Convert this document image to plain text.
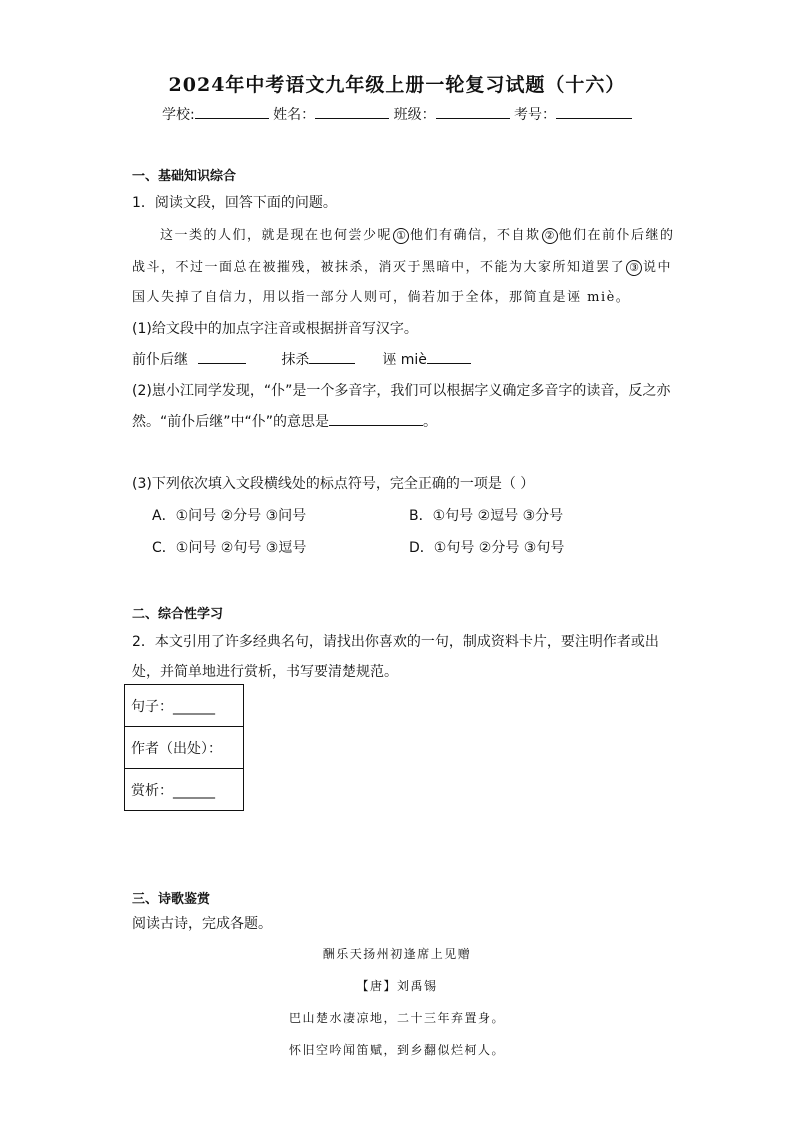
2024年中考语文九年级上册一轮复习试题（十六）
学校:	姓名：	班级：	考号：
一、基础知识综合
1．阅读文段，回答下面的问题。
这一类的人们，就是现在也何尝少呢 ① 他们有确信，不自欺 ② 他们在前仆后继的
战斗，不过一面总在被摧残，被抹杀，消灭于黑暗中，不能为大家所知道罢了 ③ 说中
国人失掉了自信力，用以指一部分人则可，倘若加于全体，那简直是诬 miè。
(1)给文段中的加点字注音或根据拼音写汉字。
前仆后继	抹杀	诬 miè
(2)崽小江同学发现，“仆”是一个多音字，我们可以根据字义确定多音字的读音，反之亦
然。“前仆后继”中“仆”的意思是	。
(3)下列依次填入文段横线处的标点符号，完全正确的一项是（ ）
A．①问号 ②分号 ③问号	B．①句号 ②逗号 ③分号
C．①问号 ②句号 ③逗号	D．①句号 ②分号 ③句号
二、综合性学习
2．本文引用了许多经典名句，请找出你喜欢的一句，制成资料卡片，要注明作者或出
处，并简单地进行赏析，书写要清楚规范。
句子：______
作者（出处）：
赏析：______
三、诗歌鉴赏
阅读古诗，完成各题。
酬乐天扬州初逢席上见赠
【唐】刘禹锡
巴山楚水凄凉地，二十三年弃置身。
怀旧空吟闻笛赋，到乡翻似烂柯人。
